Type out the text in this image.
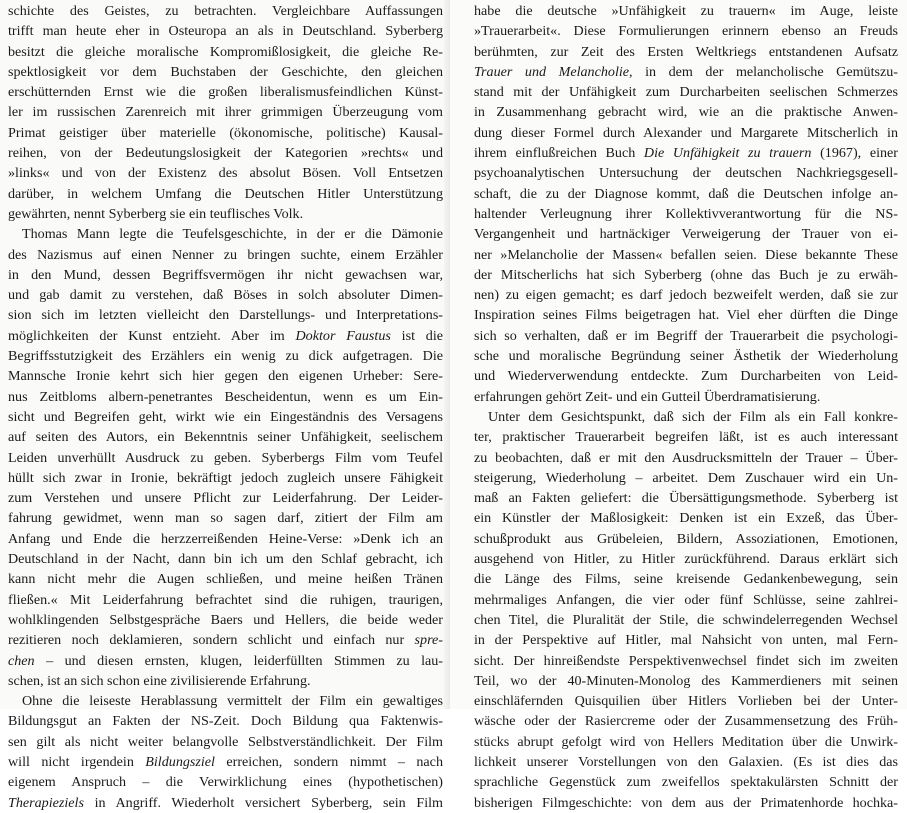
schichte des Geistes, zu betrachten. Vergleichbare Auffassungen
trifft man heute eher in Osteuropa an als in Deutschland. Syberberg
besitzt die gleiche moralische Kompromißlosigkeit, die gleiche Re-
spektlosigkeit vor dem Buchstaben der Geschichte, den gleichen
erschütternden Ernst wie die großen liberalismusfeindlichen Künst-
ler im russischen Zarenreich mit ihrer grimmigen Überzeugung vom
Primat geistiger über materielle (ökonomische, politische) Kausal-
reihen, von der Bedeutungslosigkeit der Kategorien »rechts« und
»links« und von der Existenz des absolut Bösen. Voll Entsetzen
darüber, in welchem Umfang die Deutschen Hitler Unterstützung
gewährten, nennt Syberberg sie ein teuflisches Volk.
Thomas Mann legte die Teufelsgeschichte, in der er die Dämonie
des Nazismus auf einen Nenner zu bringen suchte, einem Erzähler
in den Mund, dessen Begriffsvermögen ihr nicht gewachsen war,
und gab damit zu verstehen, daß Böses in solch absoluter Dimen-
sion sich im letzten vielleicht den Darstellungs- und Interpretations-
möglichkeiten der Kunst entzieht. Aber im Doktor Faustus ist die
Begriffsstutzigkeit des Erzählers ein wenig zu dick aufgetragen. Die
Mannsche Ironie kehrt sich hier gegen den eigenen Urheber: Sere-
nus Zeitbloms albern-penetrantes Bescheidentun, wenn es um Ein-
sicht und Begreifen geht, wirkt wie ein Eingeständnis des Versagens
auf seiten des Autors, ein Bekenntnis seiner Unfähigkeit, seelischem
Leiden unverhüllt Ausdruck zu geben. Syberbergs Film vom Teufel
hüllt sich zwar in Ironie, bekräftigt jedoch zugleich unsere Fähigkeit
zum Verstehen und unsere Pflicht zur Leiderfahrung. Der Leider-
fahrung gewidmet, wenn man so sagen darf, zitiert der Film am
Anfang und Ende die herzzerreißenden Heine-Verse: »Denk ich an
Deutschland in der Nacht, dann bin ich um den Schlaf gebracht, ich
kann nicht mehr die Augen schließen, und meine heißen Tränen
fließen.« Mit Leiderfahrung befrachtet sind die ruhigen, traurigen,
wohlklingenden Selbstgespräche Baers und Hellers, die beide weder
rezitieren noch deklamieren, sondern schlicht und einfach nur spre-
chen – und diesen ernsten, klugen, leiderfüllten Stimmen zu lau-
schen, ist an sich schon eine zivilisierende Erfahrung.
Ohne die leiseste Herablassung vermittelt der Film ein gewaltiges
Bildungsgut an Fakten der NS-Zeit. Doch Bildung qua Faktenwis-
sen gilt als nicht weiter belangvolle Selbstverständlichkeit. Der Film
will nicht irgendein Bildungsziel erreichen, sondern nimmt – nach
eigenem Anspruch – die Verwirklichung eines (hypothetischen)
Therapieziels in Angriff. Wiederholt versichert Syberberg, sein Film
habe die deutsche »Unfähigkeit zu trauern« im Auge, leiste
»Trauerarbeit«. Diese Formulierungen erinnern ebenso an Freuds
berühmten, zur Zeit des Ersten Weltkriegs entstandenen Aufsatz
Trauer und Melancholie, in dem der melancholische Gemütszu-
stand mit der Unfähigkeit zum Durcharbeiten seelischen Schmerzes
in Zusammenhang gebracht wird, wie an die praktische Anwen-
dung dieser Formel durch Alexander und Margarete Mitscherlich in
ihrem einflußreichen Buch Die Unfähigkeit zu trauern (1967), einer
psychoanalytischen Untersuchung der deutschen Nachkriegsgesell-
schaft, die zu der Diagnose kommt, daß die Deutschen infolge an-
haltender Verleugnung ihrer Kollektivverantwortung für die NS-
Vergangenheit und hartnäckiger Verweigerung der Trauer von ei-
ner »Melancholie der Massen« befallen seien. Diese bekannte These
der Mitscherlichs hat sich Syberberg (ohne das Buch je zu erwäh-
nen) zu eigen gemacht; es darf jedoch bezweifelt werden, daß sie zur
Inspiration seines Films beigetragen hat. Viel eher dürften die Dinge
sich so verhalten, daß er im Begriff der Trauerarbeit die psychologi-
sche und moralische Begründung seiner Ästhetik der Wiederholung
und Wiederverwendung entdeckte. Zum Durcharbeiten von Leid-
erfahrungen gehört Zeit- und ein Gutteil Überdramatisierung.
Unter dem Gesichtspunkt, daß sich der Film als ein Fall konkre-
ter, praktischer Trauerarbeit begreifen läßt, ist es auch interessant
zu beobachten, daß er mit den Ausdrucksmitteln der Trauer – Über-
steigerung, Wiederholung – arbeitet. Dem Zuschauer wird ein Un-
maß an Fakten geliefert: die Übersättigungsmethode. Syberberg ist
ein Künstler der Maßlosigkeit: Denken ist ein Exzeß, das Über-
schußprodukt aus Grübeleien, Bildern, Assoziationen, Emotionen,
ausgehend von Hitler, zu Hitler zurückführend. Daraus erklärt sich
die Länge des Films, seine kreisende Gedankenbewegung, sein
mehrmaliges Anfangen, die vier oder fünf Schlüsse, seine zahlrei-
chen Titel, die Pluralität der Stile, die schwindelerregenden Wechsel
in der Perspektive auf Hitler, mal Nahsicht von unten, mal Fern-
sicht. Der hinreißendste Perspektivenwechsel findet sich im zweiten
Teil, wo der 40-Minuten-Monolog des Kammerdieners mit seinen
einschläfernden Quisquilien über Hitlers Vorlieben bei der Unter-
wäsche oder der Rasiercreme oder der Zusammensetzung des Früh-
stücks abrupt gefolgt wird von Hellers Meditation über die Unwirk-
lichkeit unserer Vorstellungen von den Galaxien. (Es ist dies das
sprachliche Gegenstück zum zweifellos spektakulärsten Schnitt der
bisherigen Filmgeschichte: von dem aus der Primatenhorde hochka-
